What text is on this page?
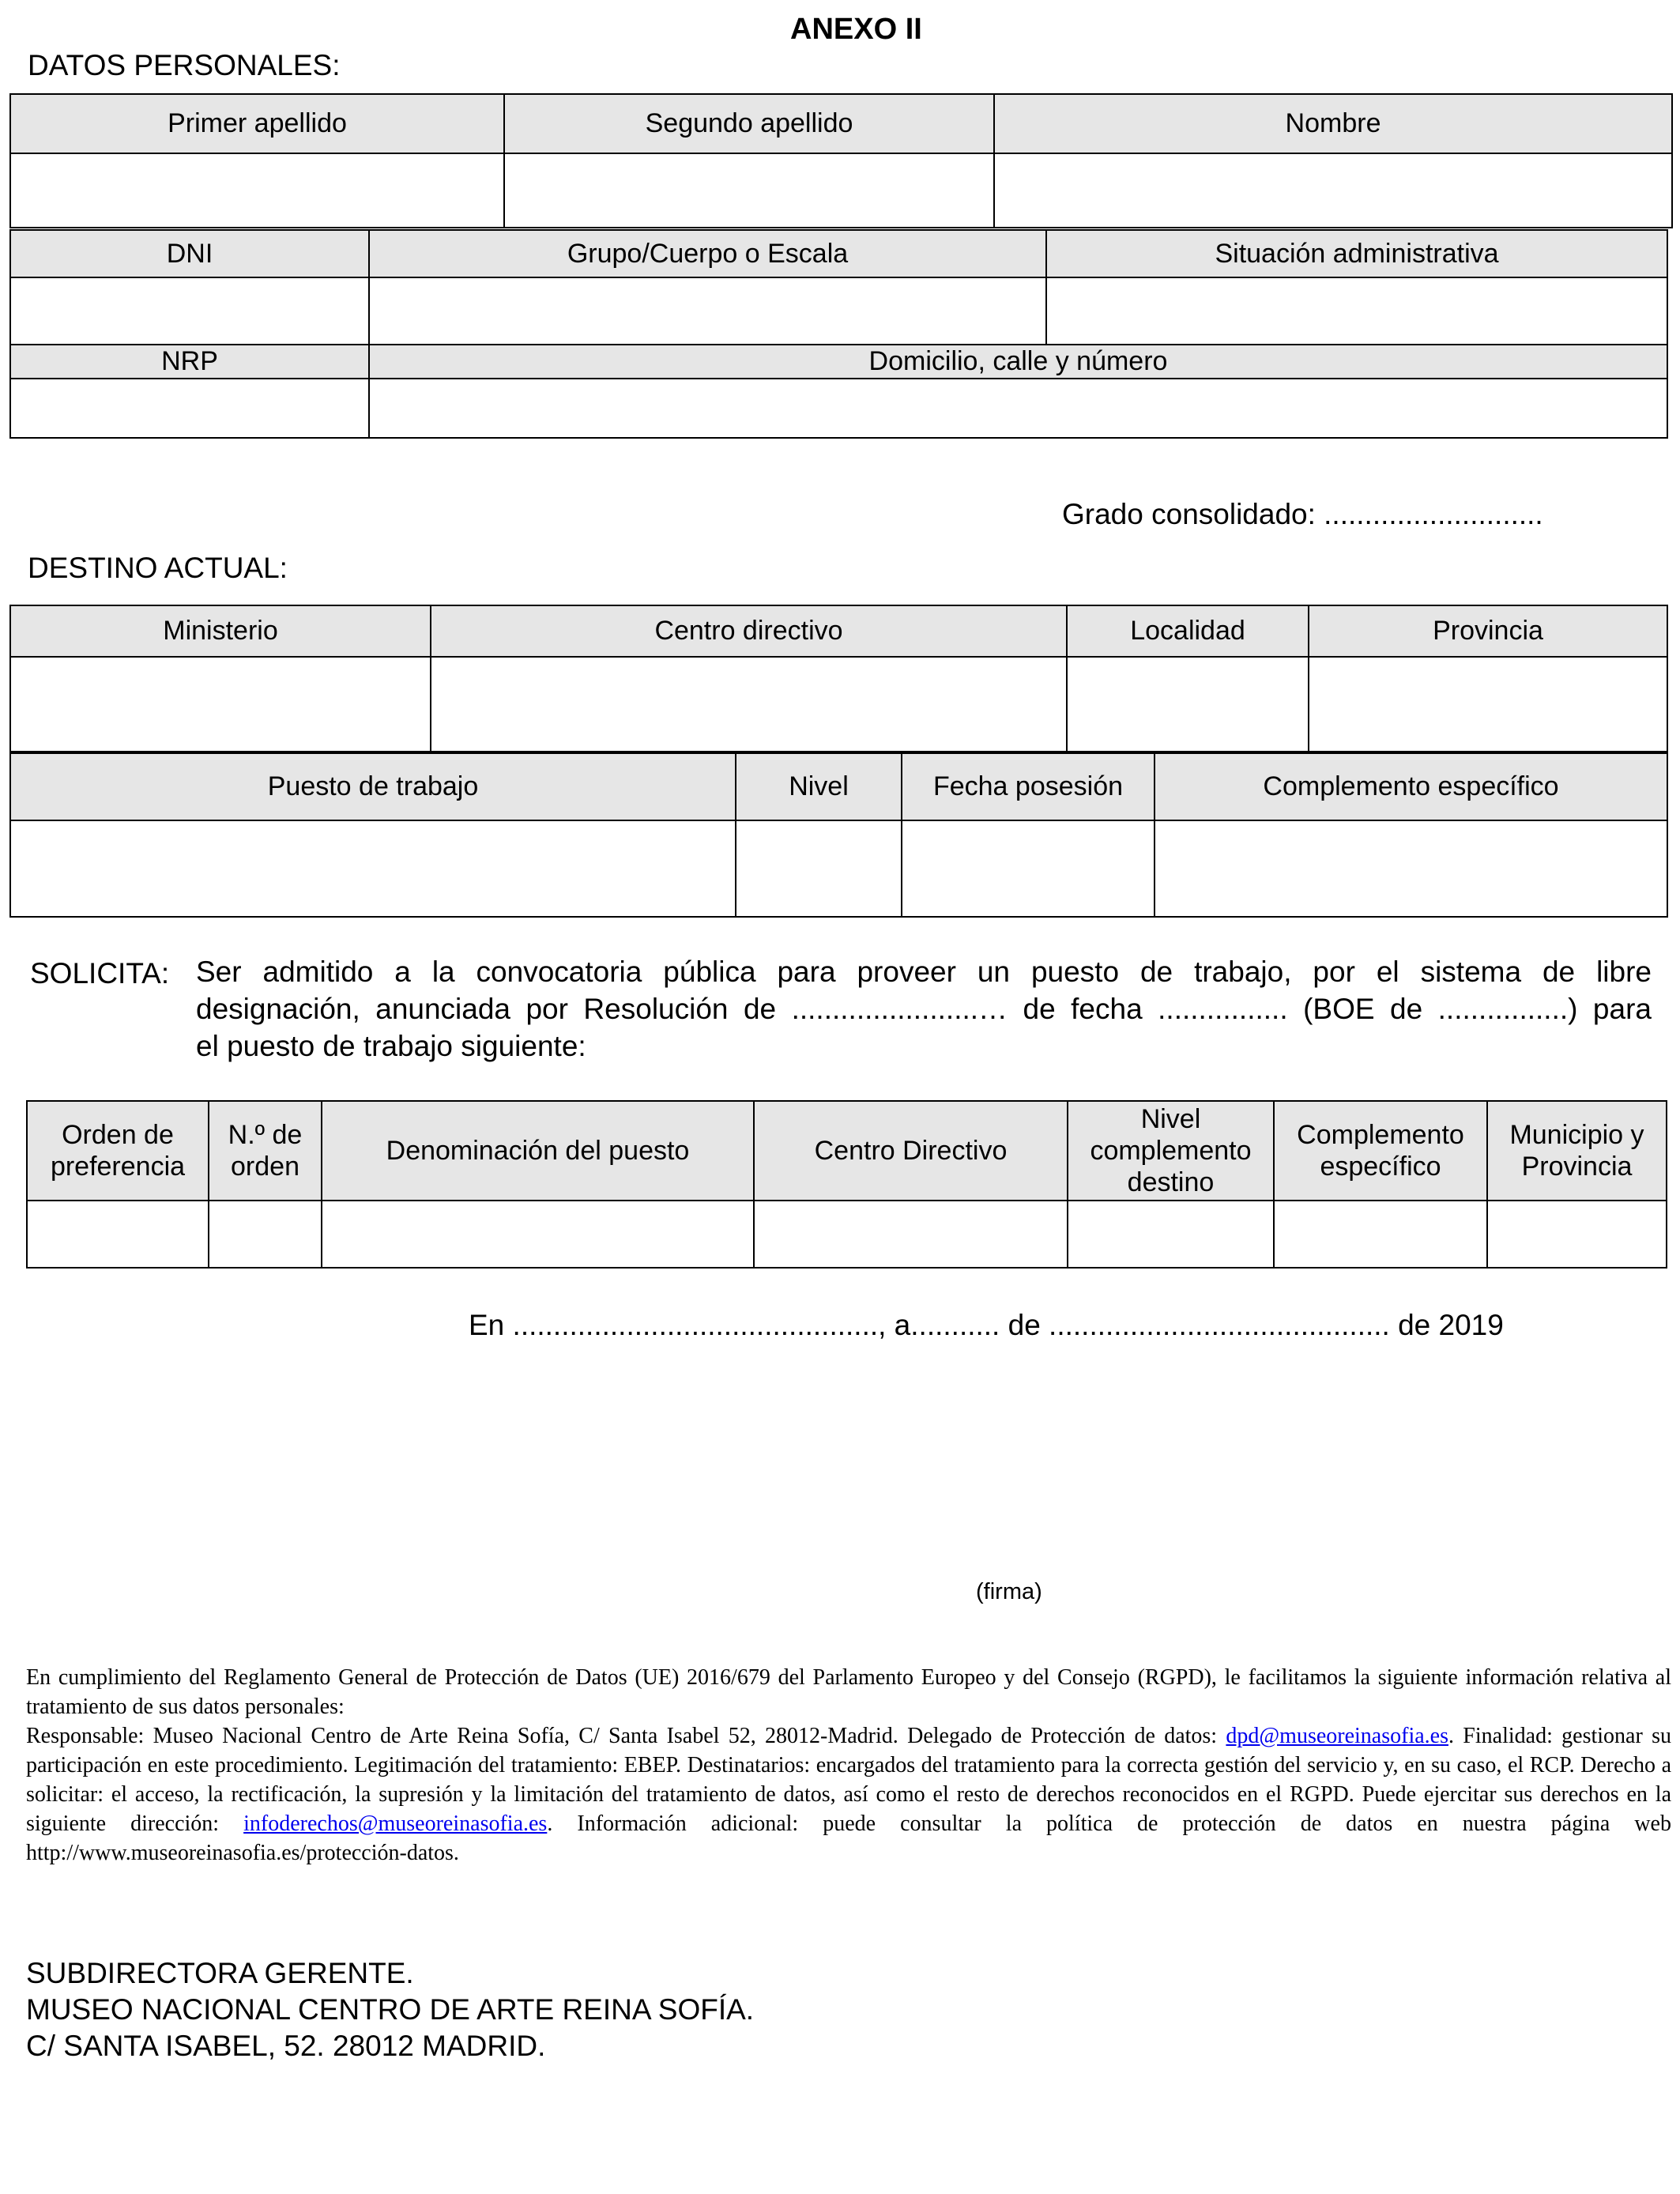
ANEXO II
DATOS PERSONALES:
Primer apellido	Segundo apellido	Nombre

DNI	Grupo/Cuerpo o Escala	Situación administrativa

NRP	Domicilio, calle y número

Grado consolidado: ...........................
DESTINO ACTUAL:
Ministerio	Centro directivo	Localidad	Provincia

Puesto de trabajo	Nivel	Fecha posesión	Complemento específico

SOLICITA: Ser admitido a la convocatoria pública para proveer un puesto de trabajo, por el sistema de libre
designación, anunciada por Resolución de .......................… de fecha ................ (BOE de ................) para
el puesto de trabajo siguiente:
Orden de preferencia	N.º de orden	Denominación del puesto	Centro Directivo	Nivel complemento destino	Complemento específico	Municipio y Provincia

En ............................................., a........... de .......................................... de 2019
(firma)
En cumplimiento del Reglamento General de Protección de Datos (UE) 2016/679 del Parlamento Europeo y del Consejo (RGPD), le facilitamos la siguiente información relativa al tratamiento de sus datos personales:
Responsable: Museo Nacional Centro de Arte Reina Sofía, C/ Santa Isabel 52, 28012-Madrid. Delegado de Protección de datos: dpd@museoreinasofia.es. Finalidad: gestionar su participación en este procedimiento. Legitimación del tratamiento: EBEP. Destinatarios: encargados del tratamiento para la correcta gestión del servicio y, en su caso, el RCP. Derecho a solicitar: el acceso, la rectificación, la supresión y la limitación del tratamiento de datos, así como el resto de derechos reconocidos en el RGPD. Puede ejercitar sus derechos en la siguiente dirección: infoderechos@museoreinasofia.es. Información adicional: puede consultar la política de protección de datos en nuestra página web http://www.museoreinasofia.es/protección-datos.
SUBDIRECTORA GERENTE.
MUSEO NACIONAL CENTRO DE ARTE REINA SOFÍA.
C/ SANTA ISABEL, 52. 28012 MADRID.
